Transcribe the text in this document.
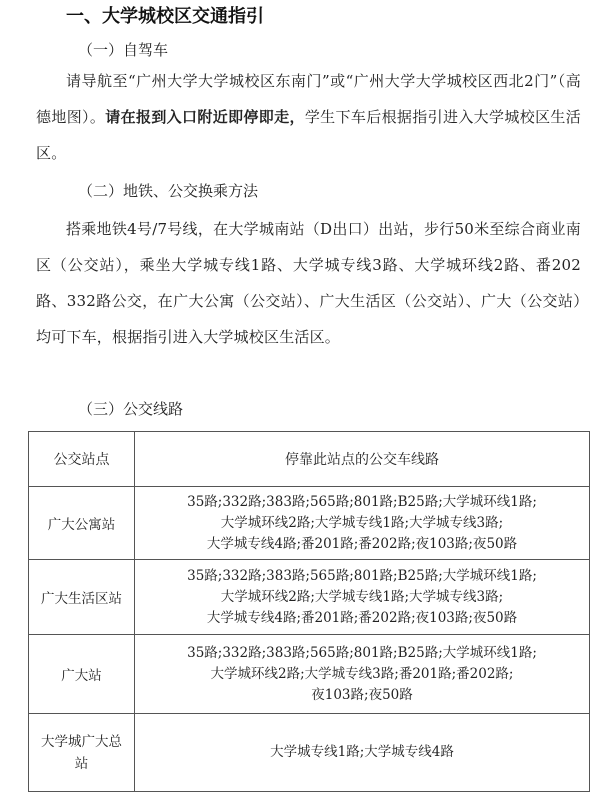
一、大学城校区交通指引
（一）自驾车
请导航至“广州大学大学城校区东南门”或“广州大学大学城校区西北2门”（高德地图）。请在报到入口附近即停即走，学生下车后根据指引进入大学城校区生活区。
（二）地铁、公交换乘方法
搭乘地铁4号/7号线，在大学城南站（D出口）出站，步行50米至综合商业南区（公交站），乘坐大学城专线1路、大学城专线3路、大学城环线2路、番202路、332路公交，在广大公寓（公交站）、广大生活区（公交站）、广大（公交站）均可下车，根据指引进入大学城校区生活区。
（三）公交线路
公交站点	停靠此站点的公交车线路
广大公寓站	35路;332路;383路;565路;801路;B25路;大学城环线1路;
大学城环线2路;大学城专线1路;大学城专线3路;
大学城专线4路;番201路;番202路;夜103路;夜50路

广大生活区站	35路;332路;383路;565路;801路;B25路;大学城环线1路;
大学城环线2路;大学城专线1路;大学城专线3路;
大学城专线4路;番201路;番202路;夜103路;夜50路

广大站	35路;332路;383路;565路;801路;B25路;大学城环线1路;
大学城环线2路;大学城专线3路;番201路;番202路;
夜103路;夜50路

大学城广大总
站	大学城专线1路;大学城专线4路
